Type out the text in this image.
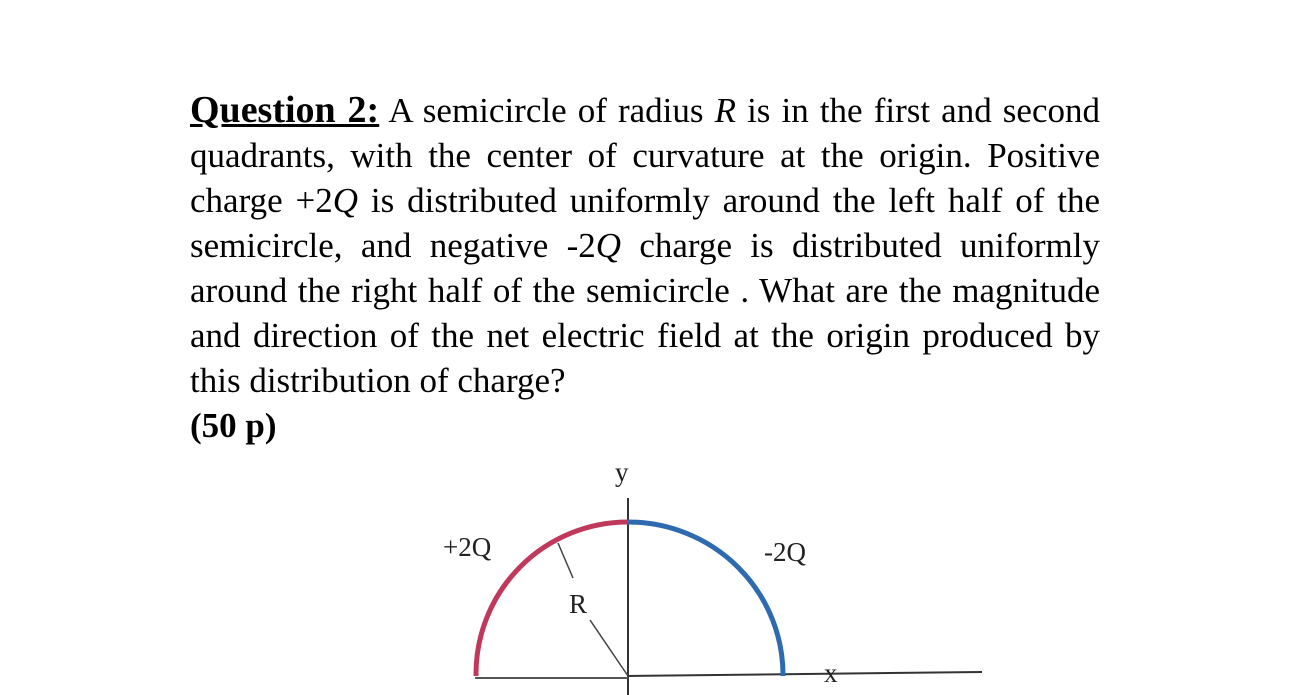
Question 2: A semicircle of radius R is in the first and second quadrants, with the center of curvature at the origin. Positive charge +2Q is distributed uniformly around the left half of the semicircle, and negative -2Q charge is distributed uniformly around the right half of the semicircle . What are the magnitude and direction of the net electric field at the origin produced by this distribution of charge?
(50 p)
y
x
R
+2Q	-2Q
